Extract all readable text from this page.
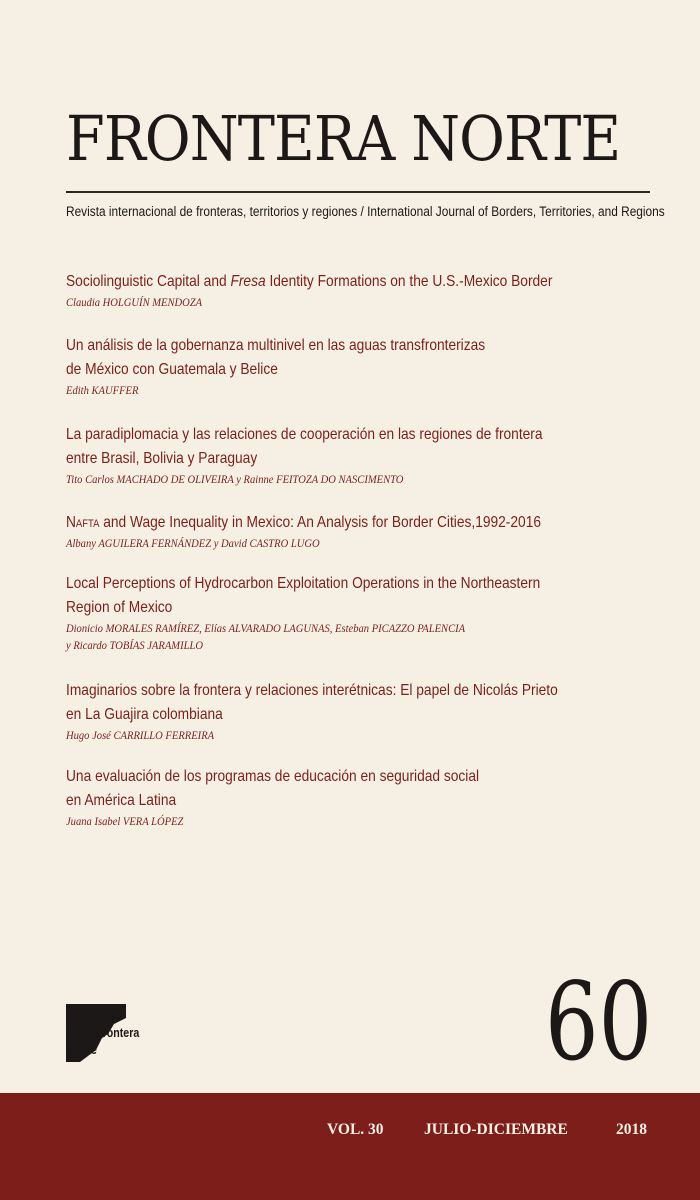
FRONTERA NORTE
Revista internacional de fronteras, territorios y regiones / International Journal of Borders, Territories, and Regions
Sociolinguistic Capital and Fresa Identity Formations on the U.S.-Mexico Border
Claudia HOLGUÍN MENDOZA
Un análisis de la gobernanza multinivel en las aguas transfronterizas
de México con Guatemala y Belice
Edith KAUFFER
La paradiplomacia y las relaciones de cooperación en las regiones de frontera
entre Brasil, Bolivia y Paraguay
Tito Carlos MACHADO DE OLIVEIRA y Rainne FEITOZA DO NASCIMENTO
Nafta and Wage Inequality in Mexico: An Analysis for Border Cities,1992-2016
Albany AGUILERA FERNÁNDEZ y David CASTRO LUGO
Local Perceptions of Hydrocarbon Exploitation Operations in the Northeastern
Region of Mexico
Dionicio MORALES RAMÍREZ, Elías ALVARADO LAGUNAS, Esteban PICAZZO PALENCIA
y Ricardo TOBÍAS JARAMILLO
Imaginarios sobre la frontera y relaciones interétnicas: El papel de Nicolás Prieto
en La Guajira colombiana
Hugo José CARRILLO FERREIRA
Una evaluación de los programas de educación en seguridad social
en América Latina
Juana Isabel VERA LÓPEZ
60
El Colegio
de la Frontera
Norte
VOL. 30	JULIO-DICIEMBRE	2018
